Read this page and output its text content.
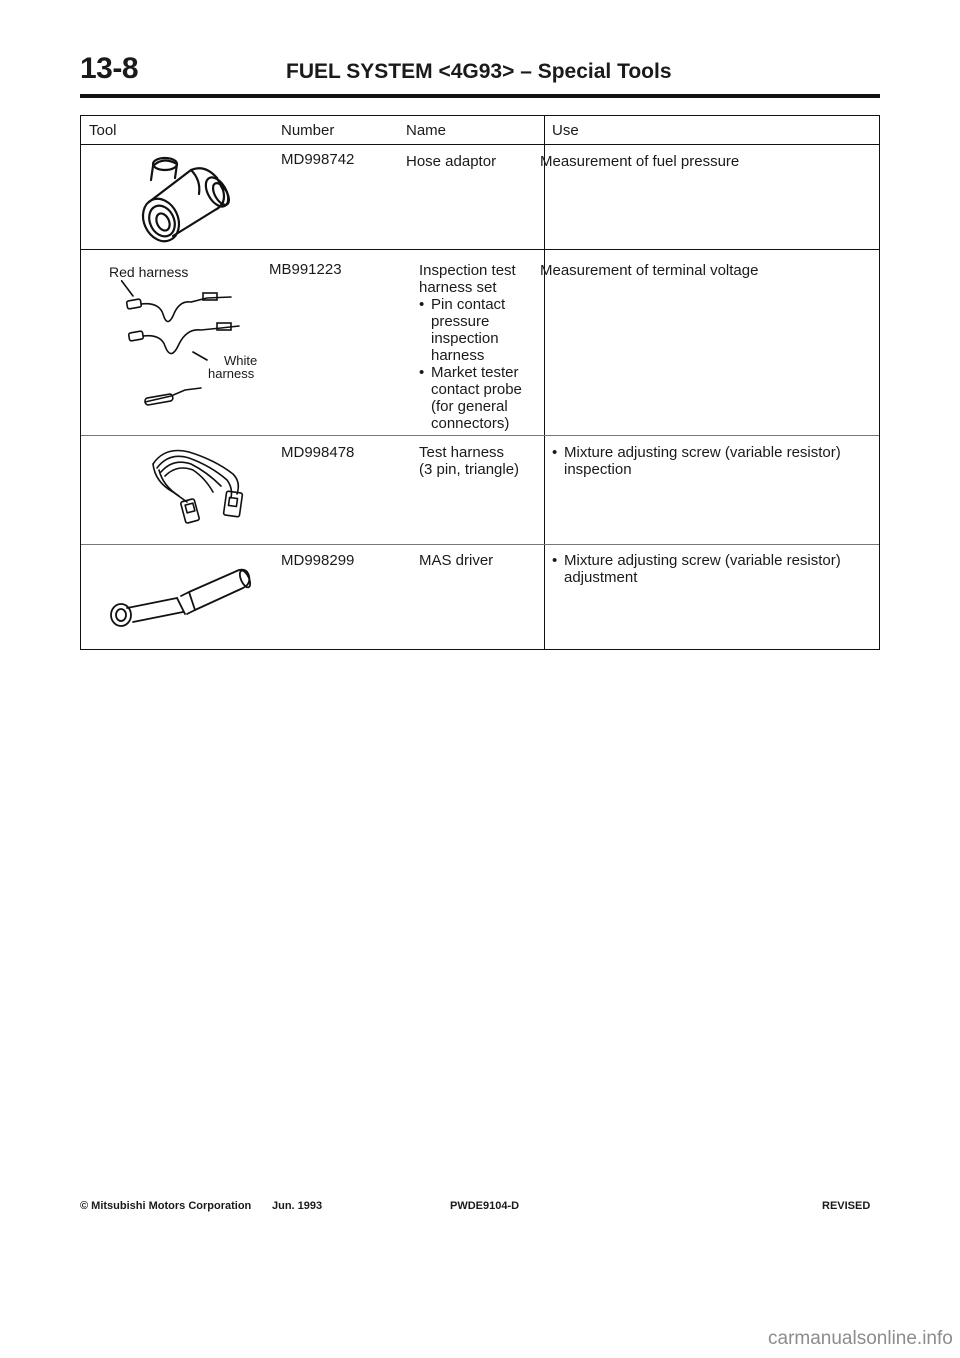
13-8	FUEL SYSTEM <4G93> – Special Tools
Tool	Number	Name	Use
MD998742	Hose adaptor	Measurement of fuel pressure
Red harness
White
harness
MB991223	Inspection test harness set
• Pin contact pressure inspection harness
• Market tester contact probe (for general connectors)
Measurement of terminal voltage
MD998478	Test harness
(3 pin, triangle)
• Mixture adjusting screw (variable resistor) inspection
MD998299	MAS driver
•	Mixture adjusting screw (variable resistor) adjustment
© Mitsubishi Motors Corporation Jun. 1993	PWDE9104-D	REVISED
carmanualsonline.info
